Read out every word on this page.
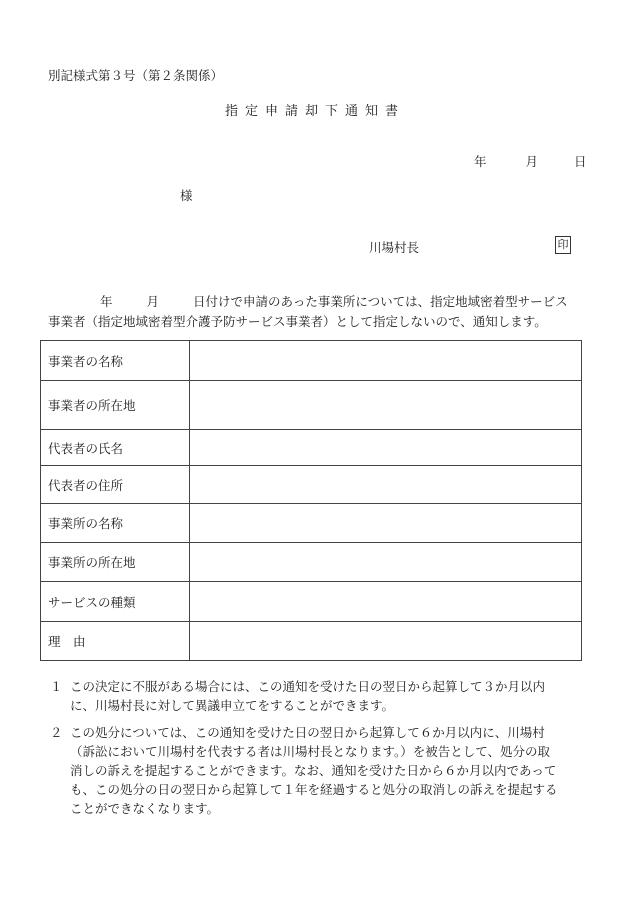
別記様式第３号（第２条関係）
指定申請却下通知書
年	月	日
様
川場村長	印
年	月	日付けで申請のあった事業所については、指定地域密着型サービス
事業者（指定地域密着型介護予防サービス事業者）として指定しないので、通知します。
事業者の名称	
事業者の所在地	
代表者の氏名	
代表者の住所	
事業所の名称	
事業所の所在地	
サービスの種類	
理　由	
１ この決定に不服がある場合には、この通知を受けた日の翌日から起算して３か月以内
に、川場村長に対して異議申立てをすることができます。
２ この処分については、この通知を受けた日の翌日から起算して６か月以内に、川場村
（訴訟において川場村を代表する者は川場村長となります。）を被告として、処分の取
消しの訴えを提起することができます。なお、通知を受けた日から６か月以内であって
も、この処分の日の翌日から起算して１年を経過すると処分の取消しの訴えを提起する
ことができなくなります。
